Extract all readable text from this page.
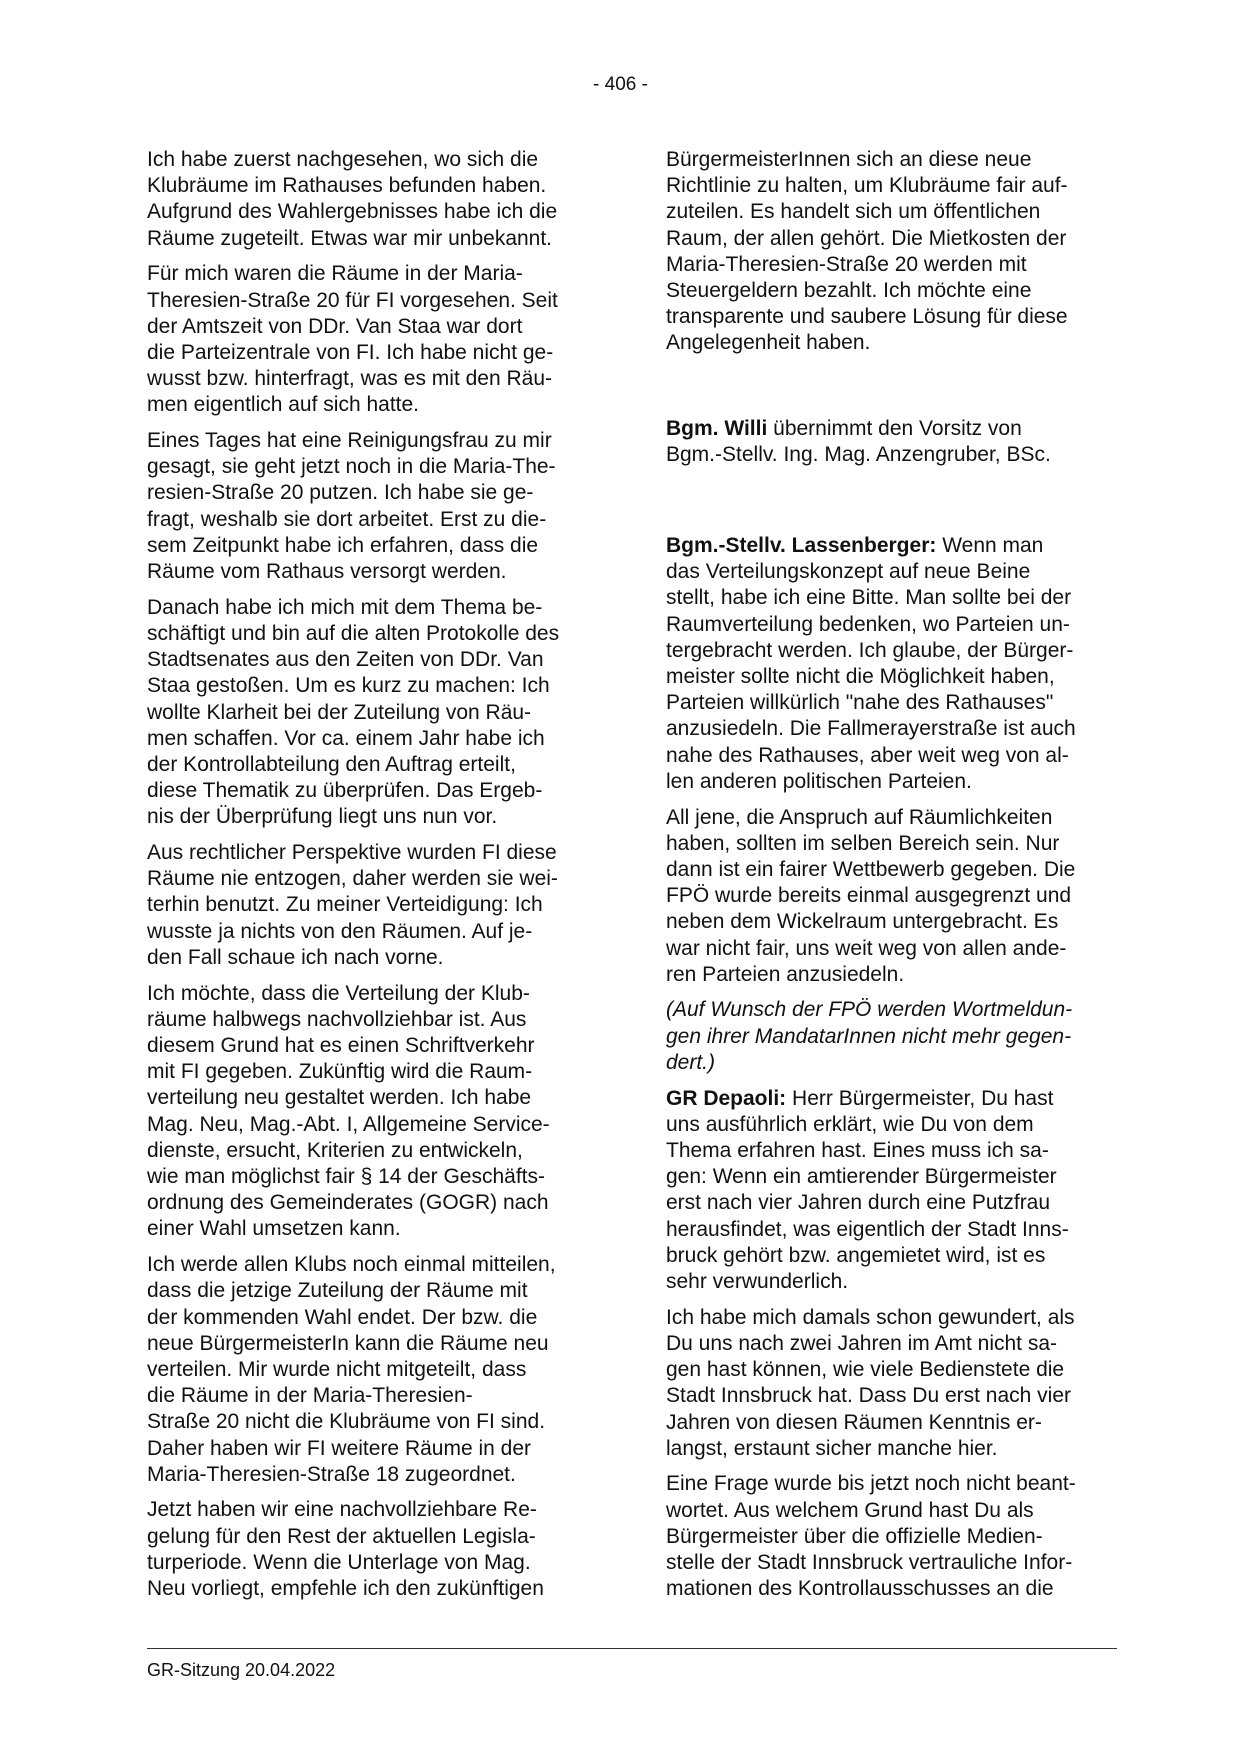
- 406 -

Ich habe zuerst nachgesehen, wo sich die
Klubräume im Rathauses befunden haben.
Aufgrund des Wahlergebnisses habe ich die
Räume zugeteilt. Etwas war mir unbekannt.

Für mich waren die Räume in der Maria-
Theresien-Straße 20 für FI vorgesehen. Seit
der Amtszeit von DDr. Van Staa war dort
die Parteizentrale von FI. Ich habe nicht ge-
wusst bzw. hinterfragt, was es mit den Räu-
men eigentlich auf sich hatte.

Eines Tages hat eine Reinigungsfrau zu mir
gesagt, sie geht jetzt noch in die Maria-The-
resien-Straße 20 putzen. Ich habe sie ge-
fragt, weshalb sie dort arbeitet. Erst zu die-
sem Zeitpunkt habe ich erfahren, dass die
Räume vom Rathaus versorgt werden.

Danach habe ich mich mit dem Thema be-
schäftigt und bin auf die alten Protokolle des
Stadtsenates aus den Zeiten von DDr. Van
Staa gestoßen. Um es kurz zu machen: Ich
wollte Klarheit bei der Zuteilung von Räu-
men schaffen. Vor ca. einem Jahr habe ich
der Kontrollabteilung den Auftrag erteilt,
diese Thematik zu überprüfen. Das Ergeb-
nis der Überprüfung liegt uns nun vor.

Aus rechtlicher Perspektive wurden FI diese
Räume nie entzogen, daher werden sie wei-
terhin benutzt. Zu meiner Verteidigung: Ich
wusste ja nichts von den Räumen. Auf je-
den Fall schaue ich nach vorne.

Ich möchte, dass die Verteilung der Klub-
räume halbwegs nachvollziehbar ist. Aus
diesem Grund hat es einen Schriftverkehr
mit FI gegeben. Zukünftig wird die Raum-
verteilung neu gestaltet werden. Ich habe
Mag. Neu, Mag.-Abt. I, Allgemeine Service-
dienste, ersucht, Kriterien zu entwickeln,
wie man möglichst fair § 14 der Geschäfts-
ordnung des Gemeinderates (GOGR) nach
einer Wahl umsetzen kann.

Ich werde allen Klubs noch einmal mitteilen,
dass die jetzige Zuteilung der Räume mit
der kommenden Wahl endet. Der bzw. die
neue BürgermeisterIn kann die Räume neu
verteilen. Mir wurde nicht mitgeteilt, dass
die Räume in der Maria-Theresien-
Straße 20 nicht die Klubräume von FI sind.
Daher haben wir FI weitere Räume in der
Maria-Theresien-Straße 18 zugeordnet.

Jetzt haben wir eine nachvollziehbare Re-
gelung für den Rest der aktuellen Legisla-
turperiode. Wenn die Unterlage von Mag.
Neu vorliegt, empfehle ich den zukünftigen

BürgermeisterInnen sich an diese neue
Richtlinie zu halten, um Klubräume fair auf-
zuteilen. Es handelt sich um öffentlichen
Raum, der allen gehört. Die Mietkosten der
Maria-Theresien-Straße 20 werden mit
Steuergeldern bezahlt. Ich möchte eine
transparente und saubere Lösung für diese
Angelegenheit haben.

Bgm. Willi übernimmt den Vorsitz von
Bgm.-Stellv. Ing. Mag. Anzengruber, BSc.

Bgm.-Stellv. Lassenberger: Wenn man
das Verteilungskonzept auf neue Beine
stellt, habe ich eine Bitte. Man sollte bei der
Raumverteilung bedenken, wo Parteien un-
tergebracht werden. Ich glaube, der Bürger-
meister sollte nicht die Möglichkeit haben,
Parteien willkürlich "nahe des Rathauses"
anzusiedeln. Die Fallmerayerstraße ist auch
nahe des Rathauses, aber weit weg von al-
len anderen politischen Parteien.

All jene, die Anspruch auf Räumlichkeiten
haben, sollten im selben Bereich sein. Nur
dann ist ein fairer Wettbewerb gegeben. Die
FPÖ wurde bereits einmal ausgegrenzt und
neben dem Wickelraum untergebracht. Es
war nicht fair, uns weit weg von allen ande-
ren Parteien anzusiedeln.

(Auf Wunsch der FPÖ werden Wortmeldun-
gen ihrer MandatarInnen nicht mehr gegen-
dert.)

GR Depaoli: Herr Bürgermeister, Du hast
uns ausführlich erklärt, wie Du von dem
Thema erfahren hast. Eines muss ich sa-
gen: Wenn ein amtierender Bürgermeister
erst nach vier Jahren durch eine Putzfrau
herausfindet, was eigentlich der Stadt Inns-
bruck gehört bzw. angemietet wird, ist es
sehr verwunderlich.

Ich habe mich damals schon gewundert, als
Du uns nach zwei Jahren im Amt nicht sa-
gen hast können, wie viele Bedienstete die
Stadt Innsbruck hat. Dass Du erst nach vier
Jahren von diesen Räumen Kenntnis er-
langst, erstaunt sicher manche hier.

Eine Frage wurde bis jetzt noch nicht beant-
wortet. Aus welchem Grund hast Du als
Bürgermeister über die offizielle Medien-
stelle der Stadt Innsbruck vertrauliche Infor-
mationen des Kontrollausschusses an die

GR-Sitzung 20.04.2022
